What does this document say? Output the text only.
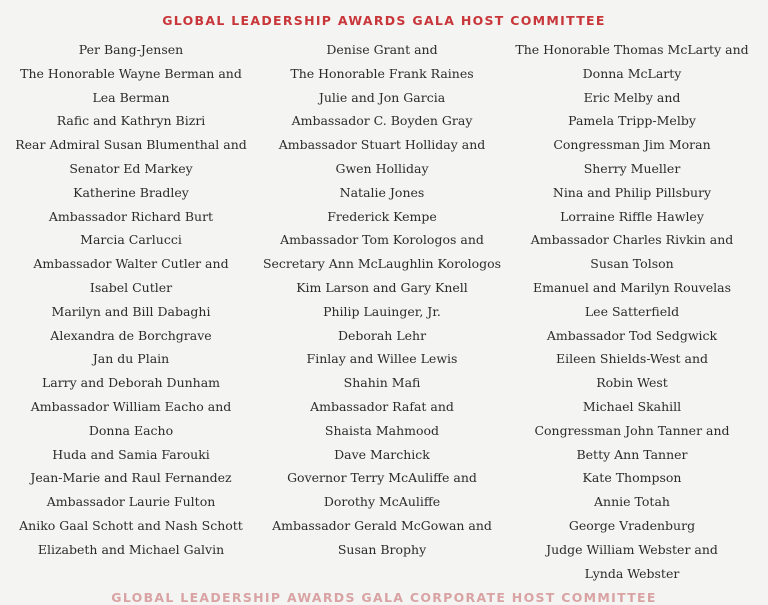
GLOBAL LEADERSHIP AWARDS GALA HOST COMMITTEE
Per Bang-Jensen
The Honorable Wayne Berman and
Lea Berman
Rafic and Kathryn Bizri
Rear Admiral Susan Blumenthal and
Senator Ed Markey
Katherine Bradley
Ambassador Richard Burt
Marcia Carlucci
Ambassador Walter Cutler and
Isabel Cutler
Marilyn and Bill Dabaghi
Alexandra de Borchgrave
Jan du Plain
Larry and Deborah Dunham
Ambassador William Eacho and
Donna Eacho
Huda and Samia Farouki
Jean-Marie and Raul Fernandez
Ambassador Laurie Fulton
Aniko Gaal Schott and Nash Schott
Elizabeth and Michael Galvin
Denise Grant and
The Honorable Frank Raines
Julie and Jon Garcia
Ambassador C. Boyden Gray
Ambassador Stuart Holliday and
Gwen Holliday
Natalie Jones
Frederick Kempe
Ambassador Tom Korologos and
Secretary Ann McLaughlin Korologos
Kim Larson and Gary Knell
Philip Lauinger, Jr.
Deborah Lehr
Finlay and Willee Lewis
Shahin Mafi
Ambassador Rafat and
Shaista Mahmood
Dave Marchick
Governor Terry McAuliffe and
Dorothy McAuliffe
Ambassador Gerald McGowan and
Susan Brophy
The Honorable Thomas McLarty and
Donna McLarty
Eric Melby and
Pamela Tripp-Melby
Congressman Jim Moran
Sherry Mueller
Nina and Philip Pillsbury
Lorraine Riffle Hawley
Ambassador Charles Rivkin and
Susan Tolson
Emanuel and Marilyn Rouvelas
Lee Satterfield
Ambassador Tod Sedgwick
Eileen Shields-West and
Robin West
Michael Skahill
Congressman John Tanner and
Betty Ann Tanner
Kate Thompson
Annie Totah
George Vradenburg
Judge William Webster and
Lynda Webster
GLOBAL LEADERSHIP AWARDS GALA CORPORATE HOST COMMITTEE
